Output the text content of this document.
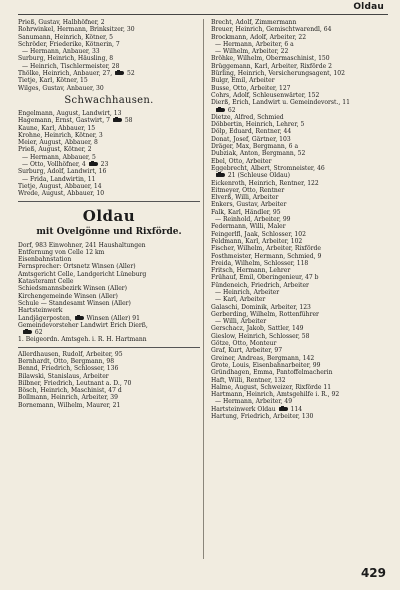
Oldau
Prieß, Gustav, Halbhöfner, 2
Rohrwinkel, Hermann, Brinksitzer, 30
Sanumann, Heinrich, Kötner, 5
Schröder, Friederike, Kötnerin, 7
— Hermann, Anbauer, 33
Surburg, Heinrich, Häusling, 8
— Heinrich, Tischlermeister, 28
Thölke, Heinrich, Anbauer, 27,  52
Tietje, Karl, Kötner, 15
Wilges, Gustav, Anbauer, 30
Schwachhausen.
Engelmann, August, Landwirt, 13
Hagemann, Ernst, Gastwirt, 7  58
Kaune, Karl, Abbauer, 15
Krohne, Heinrich, Kötner, 3
Meier, August, Abbauer, 8
Prieß, August, Kötner, 2
— Hermann, Abbauer, 5
— Otto, Vollhöfner, 4  23
Surburg, Adolf, Landwirt, 16
— Frida, Landwirtin, 11
Tietje, August, Abbauer, 14
Wrede, August, Abbauer, 10
Oldau
mit Ovelgönne und Rixförde.
Dorf, 983 Einwohner, 241 Haushaltungen
Entfernung von Celle 12 km
Eisenbahnstation
Fernsprecher: Ortsnetz Winsen (Aller)
Amtsgericht Celle, Landgericht Lüneburg
Katasteramt Celle
Schiedsmannsbezirk Winsen (Aller)
Kirchengemeinde Winsen (Aller)
Schule — Standesamt Winsen (Aller)
Hartsteinwerk
Landjägerposten,  Winsen (Aller) 91
Gemeindevorsteher Landwirt Erich Dierß,
62
1. Beigeordn. Amtsgeh. i. R. H. Hartmann
Allerdhausen, Rudolf, Arbeiter, 95
Bernhardt, Otto, Bergmann, 98
Bennd, Friedrich, Schlosser, 136
Bilawski, Stanislaus, Arbeiter
Bilbner, Friedrich, Leutnant a. D., 70
Bösch, Heinrich, Maschinist, 47 d
Bollmann, Heinrich, Arbeiter, 39
Bornemann, Wilhelm, Maurer, 21
Brecht, Adolf, Zimmermann
Breuer, Heinrich, Gemischtwarendl, 64
Brockmann, Adolf, Arbeiter, 22
— Hermann, Arbeiter, 6 a
— Wilhelm, Arbeiter, 22
Bröhke, Wilhelm, Obermaschinist, 150
Brüggemann, Karl, Arbeiter, Rixförde 2
Bürling, Heinrich, Versicherungsagent, 102
Bulgr, Emil, Arbeiter
Busse, Otto, Arbeiter, 127
Cohrs, Adolf, Schleusenwärter, 152
Dierß, Erich, Landwirt u. Gemeindevorst., 11
62
Dietze, Alfred, Schmied
Döbbertin, Heinrich, Lehrer, 5
Dölp, Eduard, Rentner, 44
Donat, Josef, Gärtner, 103
Dräger, Max, Bergmann, 6 a
Dubziak, Anton, Bergmann, 52
Ebel, Otto, Arbeiter
Eggebrecht, Albert, Stromneister, 46
21 (Schleuse Oldau)
Eickenroth, Heinrich, Rentner, 122
Eitmeyer, Otto, Rentner
Elverß, Willi, Arbeiter
Enkers, Gustav, Arbeiter
Falk, Karl, Händler, 95
— Reinhold, Arbeiter, 99
Federmann, Willi, Maler
Feingerlfl, Jaak, Schlosser, 102
Feldmann, Karl, Arbeiter, 102
Fischer, Wilhelm, Arbeiter, Rixförde
Fosthmeister, Hermann, Schmied, 9
Freida, Wilhelm, Schlosser, 118
Fritsch, Hermann, Lehrer
Frühauf, Emil, Oberingenieur, 47 b
Fündeneich, Friedrich, Arbeiter
— Heinrich, Arbeiter
— Karl, Arbeiter
Galaschi, Dominik, Arbeiter, 123
Gerberding, Wilhelm, Rottenführer
— Willi, Arbeiter
Gerschacz, Jakob, Sattler, 149
Gieslow, Heinrich, Schlosser, 58
Götze, Otto, Monteur
Graf, Kurt, Arbeiter, 97
Greiner, Andreas, Bergmann, 142
Grote, Louis, Eisenbahnarbeiter, 99
Gründhagen, Emma, Pantoffelmacherin
Haft, Willi, Rentner, 132
Halme, August, Schweizer, Rixförde 11
Hartmann, Heinrich, Amtsgehilfe i. R., 92
— Hermann, Arbeiter, 49
Hartsteinwerk Oldau  114
Hartung, Friedrich, Arbeiter, 130
429
